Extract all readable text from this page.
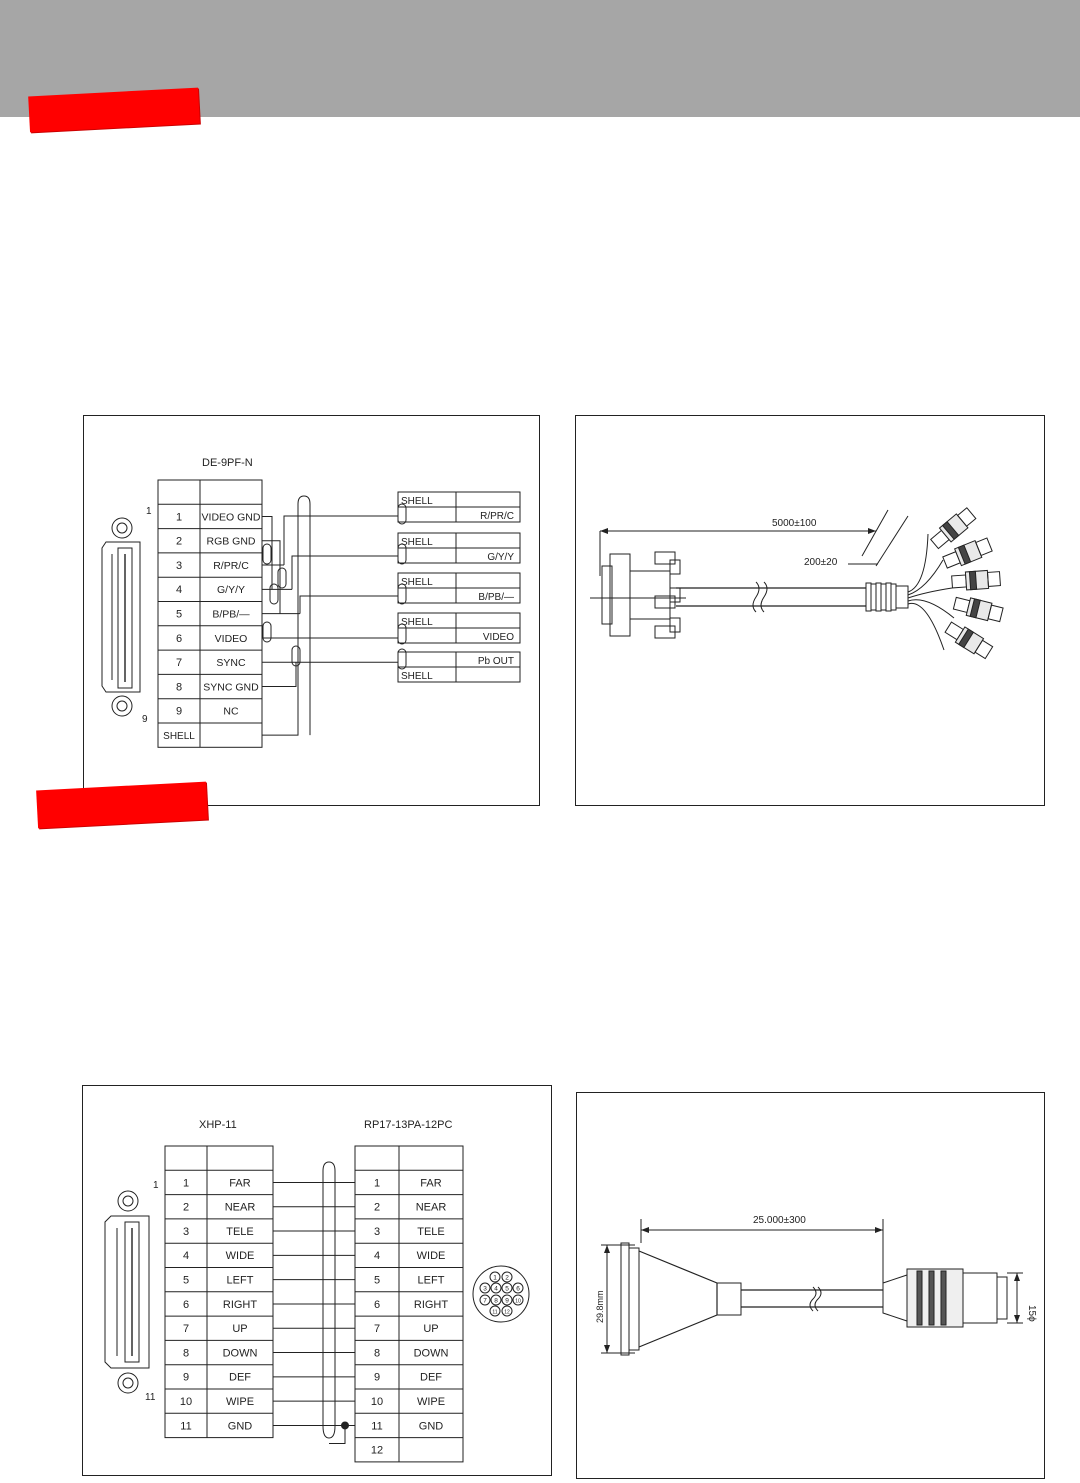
DE-9PF-N
1
9
1 VIDEO GND
2 RGB GND
3	R/PR/C
4	G/Y/Y
5	B/PB/—
6	VIDEO
7	SYNC
8 SYNC GND
9	NC
SHELL
SHELL
R/PR/C
SHELL
G/Y/Y
SHELL
B/PB/—
SHELL
VIDEO
Pb OUT
SHELL
5000±100
200±20
XHP-11	RP17-13PA-12PC
1
11
1	FAR
2	NEAR
3	TELE
4	WIDE
5	LEFT
6	RIGHT
7	UP
8	DOWN
9	DEF
10	WIPE
11	GND
1	FAR
2	NEAR
3	TELE
4	WIDE
5	LEFT
6	RIGHT
7	UP
8	DOWN
9	DEF
10	WIPE
11	GND
12
1 2
3 4 5 6
7 8 9 10
11 12
25.000±300
29.8mm	15ϕ
